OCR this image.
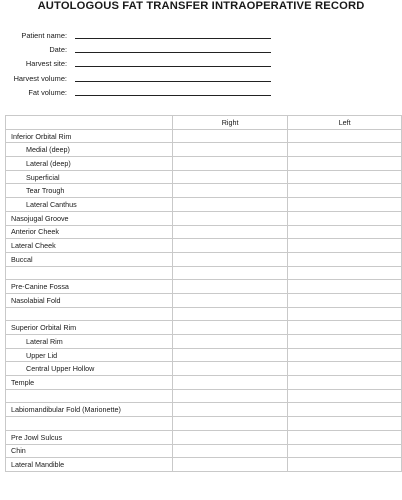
AUTOLOGOUS FAT TRANSFER INTRAOPERATIVE RECORD
Patient name:
Date:
Harvest site:
Harvest volume:
Fat volume:
	Right	Left
Inferior Orbital Rim		
Medial (deep)		
Lateral (deep)		
Superficial		
Tear Trough		
Lateral Canthus		
Nasojugal Groove		
Anterior Cheek		
Lateral Cheek		
Buccal		

Pre-Canine Fossa		
Nasolabial Fold		

Superior Orbital Rim		
Lateral Rim		
Upper Lid		
Central Upper Hollow		
Temple		

Labiomandibular Fold (Marionette)		

Pre Jowl Sulcus		
Chin		
Lateral Mandible		
